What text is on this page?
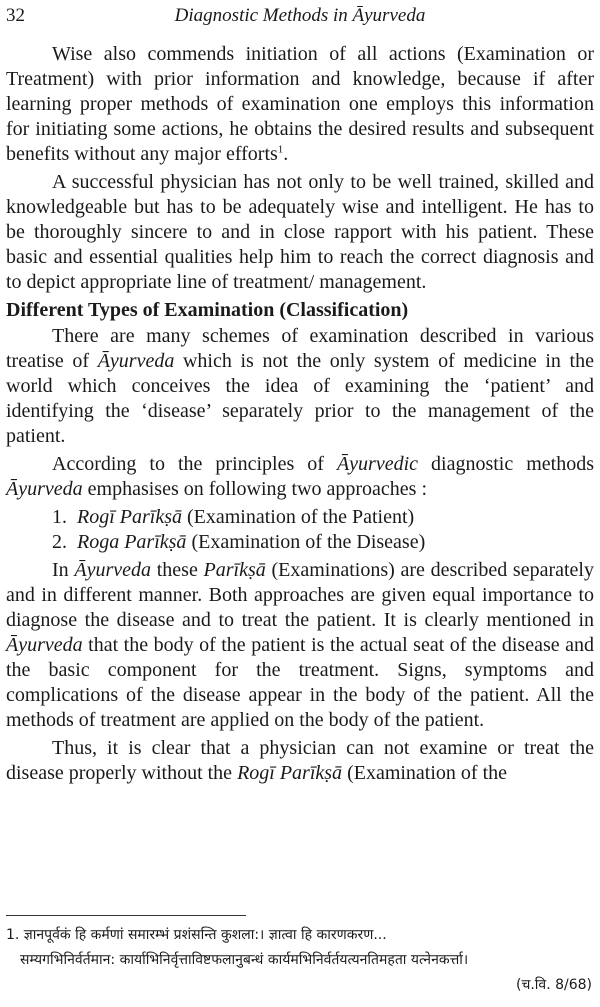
32	Diagnostic Methods in Āyurveda

Wise also commends initiation of all actions (Examination or Treatment) with prior information and knowledge, because if after learning proper methods of examination one employs this information for initiating some actions, he obtains the desired results and subsequent benefits without any major efforts$^1$.

A successful physician has not only to be well trained, skilled and knowledgeable but has to be adequately wise and intelligent. He has to be thoroughly sincere to and in close rapport with his patient. These basic and essential qualities help him to reach the correct diagnosis and to depict appropriate line of treatment/ management.

Different Types of Examination (Classification)

There are many schemes of examination described in various treatise of Āyurveda which is not the only system of medicine in the world which conceives the idea of examining the ‘patient’ and identifying the ‘disease’ separately prior to the management of the patient.

According to the principles of Āyurvedic diagnostic methods Āyurveda emphasises on following two approaches :

1. Rogī Parīkṣā (Examination of the Patient)
2. Roga Parīkṣā (Examination of the Disease)

In Āyurveda these Parīkṣā (Examinations) are described separately and in different manner. Both approaches are given equal importance to diagnose the disease and to treat the patient. It is clearly mentioned in Āyurveda that the body of the patient is the actual seat of the disease and the basic component for the treatment. Signs, symptoms and complications of the disease appear in the body of the patient. All the methods of treatment are applied on the body of the patient.

Thus, it is clear that a physician can not examine or treat the disease properly without the Rogī Parīkṣā (Examination of the

1. ज्ञानपूर्वकं हि कर्मणां समारम्भं प्रशंसन्ति कुशला:। ज्ञात्वा हि कारणकरण...
सम्यगभिनिर्वर्तमान: कार्याभिनिर्वृत्ताविष्टफलानुबन्धं कार्यमभिनिर्वर्तयत्यनतिमहता यत्नेनकर्त्ता।
(च.वि. 8/68)
